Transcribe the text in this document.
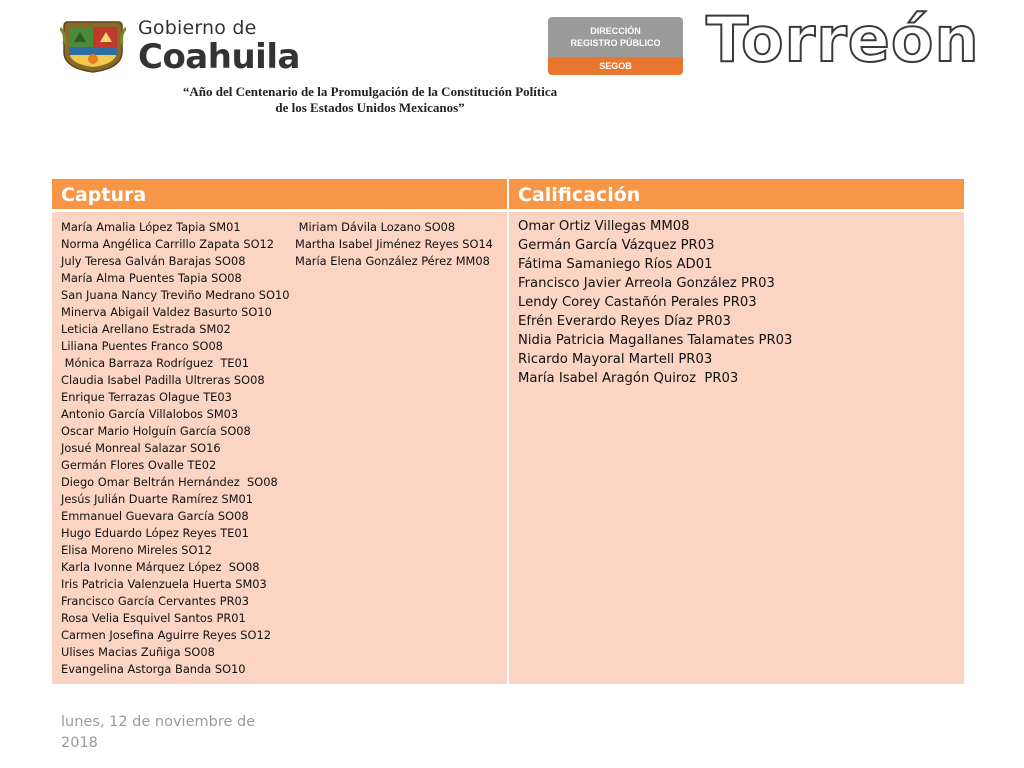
Gobierno de
Coahuila
DIRECCIÓN
REGISTRO PÚBLICO
SEGOB	Torreón
“Año del Centenario de la Promulgación de la Constitución Política
de los Estados Unidos Mexicanos”
Captura	Calificación
María Amalia López Tapia SM01
Norma Angélica Carrillo Zapata SO12
July Teresa Galván Barajas SO08
María Alma Puentes Tapia SO08
San Juana Nancy Treviño Medrano SO10
Minerva Abigail Valdez Basurto SO10
Leticia Arellano Estrada SM02
Liliana Puentes Franco SO08
Mónica Barraza Rodríguez  TE01
Claudia Isabel Padilla Ultreras SO08
Enrique Terrazas Olague TE03
Antonio García Villalobos SM03
Oscar Mario Holguín García SO08
Josué Monreal Salazar SO16
Germán Flores Ovalle TE02
Diego Omar Beltrán Hernández  SO08
Jesús Julián Duarte Ramírez SM01
Emmanuel Guevara García SO08
Hugo Eduardo López Reyes TE01
Elisa Moreno Mireles SO12
Karla Ivonne Márquez López  SO08
Iris Patricia Valenzuela Huerta SM03
Francisco García Cervantes PR03
Rosa Velia Esquivel Santos PR01
Carmen Josefina Aguirre Reyes SO12
Ulises Macias Zuñiga SO08
Evangelina Astorga Banda SO10
Miriam Dávila Lozano SO08
Martha Isabel Jiménez Reyes SO14
María Elena González Pérez MM08
Omar Ortiz Villegas MM08
Germán García Vázquez PR03
Fátima Samaniego Ríos AD01
Francisco Javier Arreola González PR03
Lendy Corey Castañón Perales PR03
Efrén Everardo Reyes Díaz PR03
Nidia Patricia Magallanes Talamates PR03
Ricardo Mayoral Martell PR03
María Isabel Aragón Quiroz  PR03
lunes, 12 de noviembre de 2018
